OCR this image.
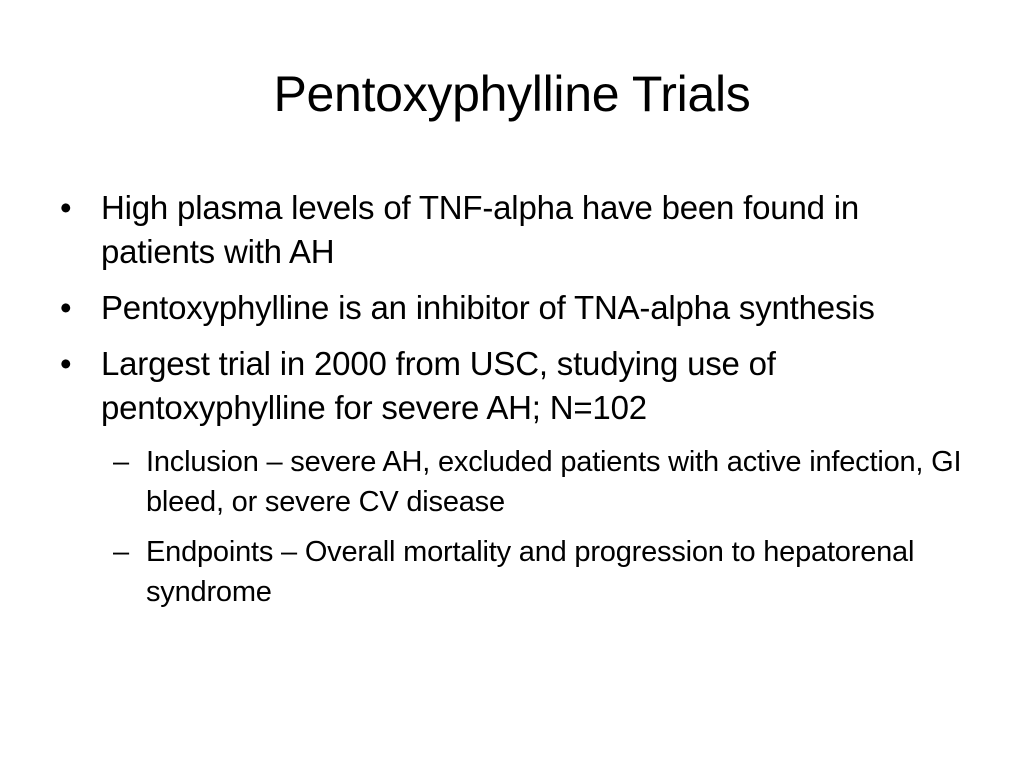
Pentoxyphylline Trials
• High plasma levels of TNF-alpha have been found in patients with AH
• Pentoxyphylline is an inhibitor of TNA-alpha synthesis
• Largest trial in 2000 from USC, studying use of pentoxyphylline for severe AH; N=102
– Inclusion – severe AH, excluded patients with active infection, GI bleed, or severe CV disease
– Endpoints – Overall mortality and progression to hepatorenal syndrome
